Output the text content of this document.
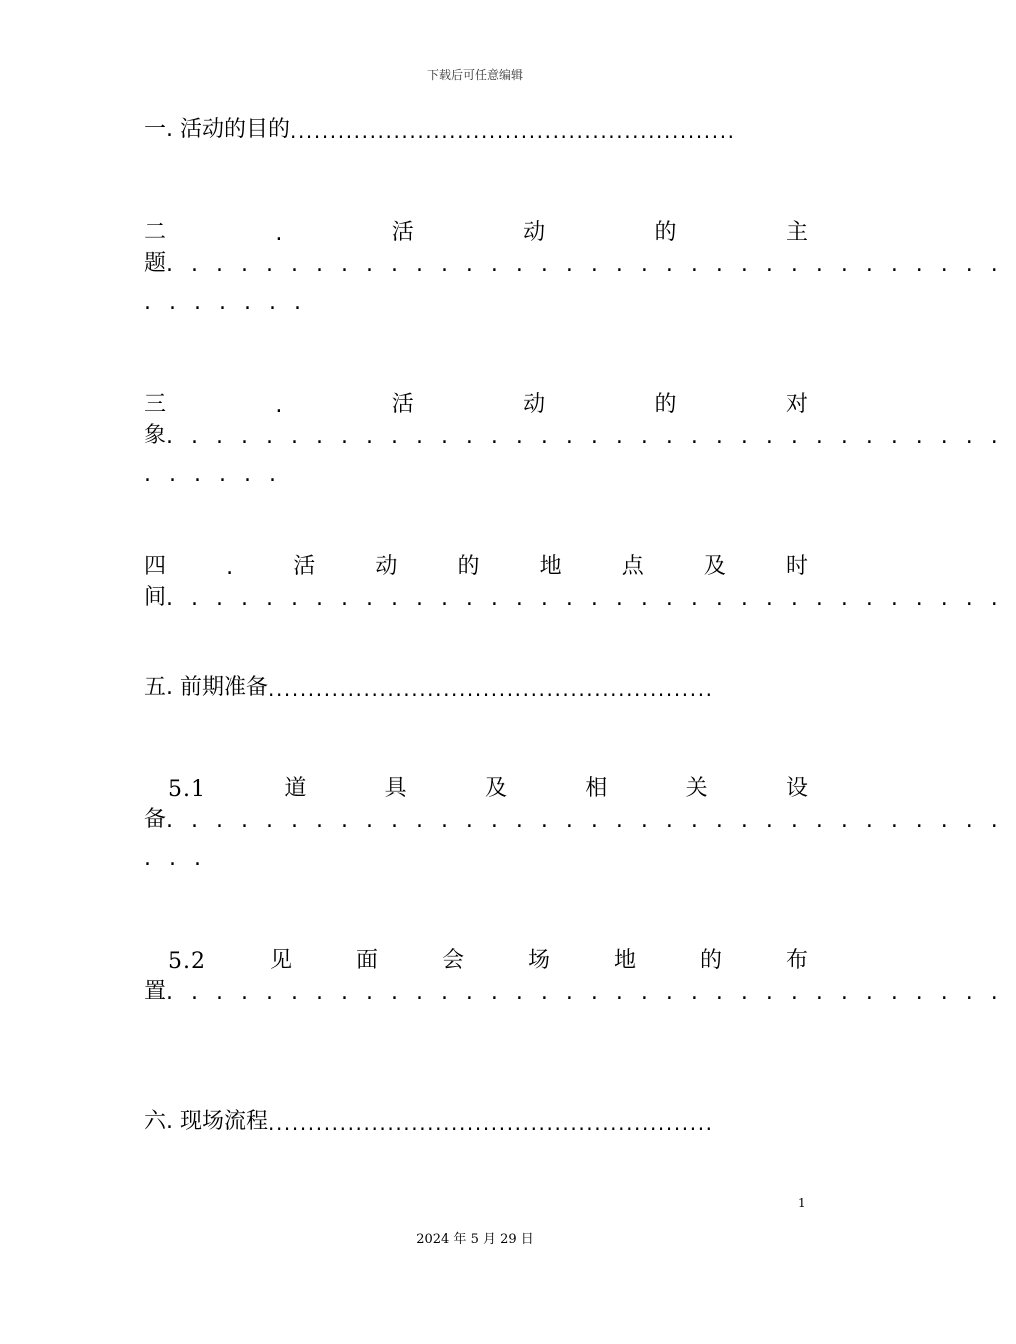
下载后可任意编辑
一. 活动的目的........................................................
二	.	活	动	的	主
题..................................
.......
三	.	活	动	的	对
象..................................
......
四	.	活	动	的	地	点	及	时
间..................................
五. 前期准备........................................................
5.1	道	具	及	相	关	设
备..................................
...
5.2	见	面	会	场	地	的	布
置..................................
六. 现场流程........................................................
1
2024 年 5 月 29 日
